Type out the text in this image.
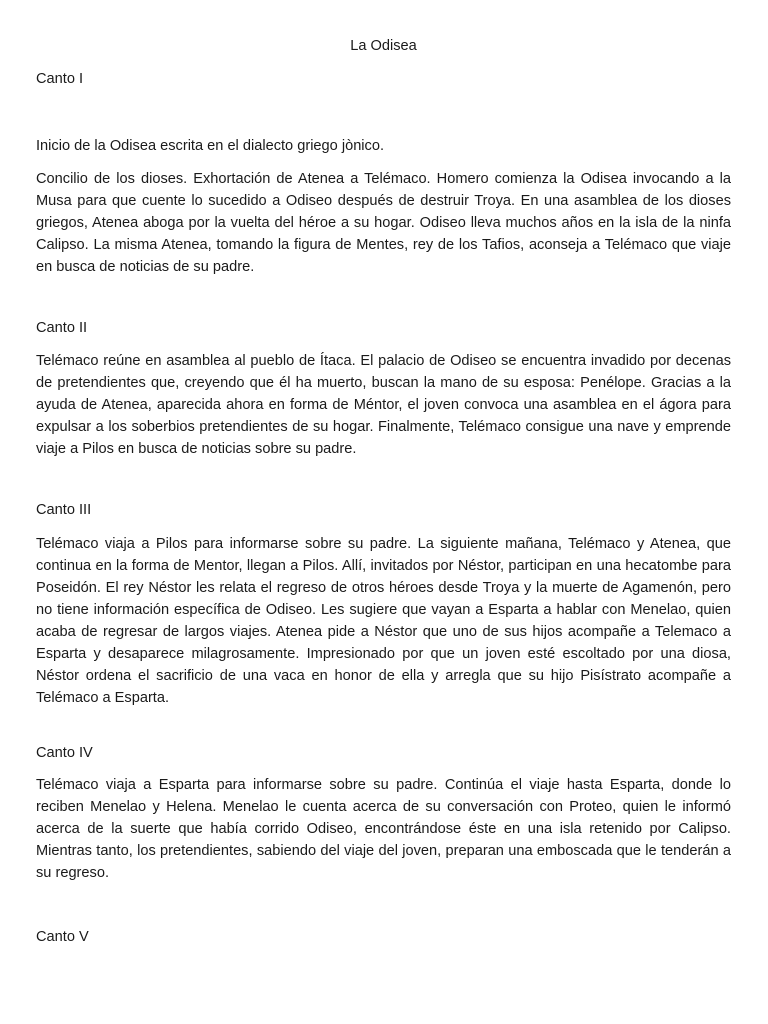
La Odisea
Canto I

Inicio de la Odisea escrita en el dialecto griego jònico.

Concilio de los dioses. Exhortación de Atenea a Telémaco. Homero comienza la Odisea invocando a la Musa para que cuente lo sucedido a Odiseo después de destruir Troya. En una asamblea de los dioses griegos, Atenea aboga por la vuelta del héroe a su hogar. Odiseo lleva muchos años en la isla de la ninfa Calipso. La misma Atenea, tomando la figura de Mentes, rey de los Tafios, aconseja a Telémaco que viaje en busca de noticias de su padre.

Canto II

Telémaco reúne en asamblea al pueblo de Ítaca. El palacio de Odiseo se encuentra invadido por decenas de pretendientes que, creyendo que él ha muerto, buscan la mano de su esposa: Penélope. Gracias a la ayuda de Atenea, aparecida ahora en forma de Méntor, el joven convoca una asamblea en el ágora para expulsar a los soberbios pretendientes de su hogar. Finalmente, Telémaco consigue una nave y emprende viaje a Pilos en busca de noticias sobre su padre.

Canto III

Telémaco viaja a Pilos para informarse sobre su padre. La siguiente mañana, Telémaco y Atenea, que continua en la forma de Mentor, llegan a Pilos. Allí, invitados por Néstor, participan en una hecatombe para Poseidón. El rey Néstor les relata el regreso de otros héroes desde Troya y la muerte de Agamenón, pero no tiene información específica de Odiseo. Les sugiere que vayan a Esparta a hablar con Menelao, quien acaba de regresar de largos viajes. Atenea pide a Néstor que uno de sus hijos acompañe a Telemaco a Esparta y desaparece milagrosamente. Impresionado por que un joven esté escoltado por una diosa, Néstor ordena el sacrificio de una vaca en honor de ella y arregla que su hijo Pisístrato acompañe a Telémaco a Esparta.

Canto IV

Telémaco viaja a Esparta para informarse sobre su padre. Continúa el viaje hasta Esparta, donde lo reciben Menelao y Helena. Menelao le cuenta acerca de su conversación con Proteo, quien le informó acerca de la suerte que había corrido Odiseo, encontrándose éste en una isla retenido por Calipso. Mientras tanto, los pretendientes, sabiendo del viaje del joven, preparan una emboscada que le tenderán a su regreso.

Canto V
